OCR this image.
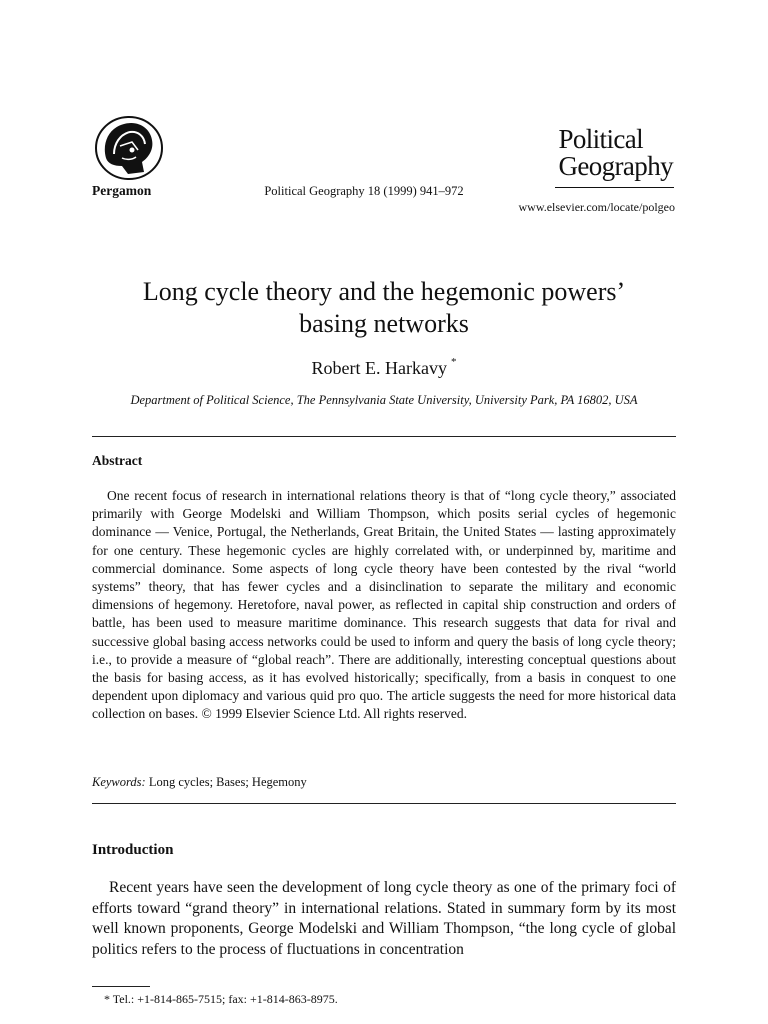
Pergamon	Political Geography 18 (1999) 941–972
Political
Geography
www.elsevier.com/locate/polgeo
Long cycle theory and the hegemonic powers’
basing networks
Robert E. Harkavy *
Department of Political Science, The Pennsylvania State University, University Park, PA 16802, USA
Abstract
One recent focus of research in international relations theory is that of “long cycle theory,” associated primarily with George Modelski and William Thompson, which posits serial cycles of hegemonic dominance — Venice, Portugal, the Netherlands, Great Britain, the United States — lasting approximately for one century. These hegemonic cycles are highly correlated with, or underpinned by, maritime and commercial dominance. Some aspects of long cycle theory have been contested by the rival “world systems” theory, that has fewer cycles and a disinclination to separate the military and economic dimensions of hegemony. Heretofore, naval power, as reflected in capital ship construction and orders of battle, has been used to measure maritime dominance. This research suggests that data for rival and successive global basing access networks could be used to inform and query the basis of long cycle theory; i.e., to provide a measure of “global reach”. There are additionally, interesting conceptual questions about the basis for basing access, as it has evolved historically; specifically, from a basis in conquest to one dependent upon diplomacy and various quid pro quo. The article suggests the need for more historical data collection on bases. © 1999 Elsevier Science Ltd. All rights reserved.
Keywords: Long cycles; Bases; Hegemony
Introduction
Recent years have seen the development of long cycle theory as one of the primary foci of efforts toward “grand theory” in international relations. Stated in summary form by its most well known proponents, George Modelski and William Thompson, “the long cycle of global politics refers to the process of fluctuations in concentration
* Tel.: +1-814-865-7515; fax: +1-814-863-8975.
